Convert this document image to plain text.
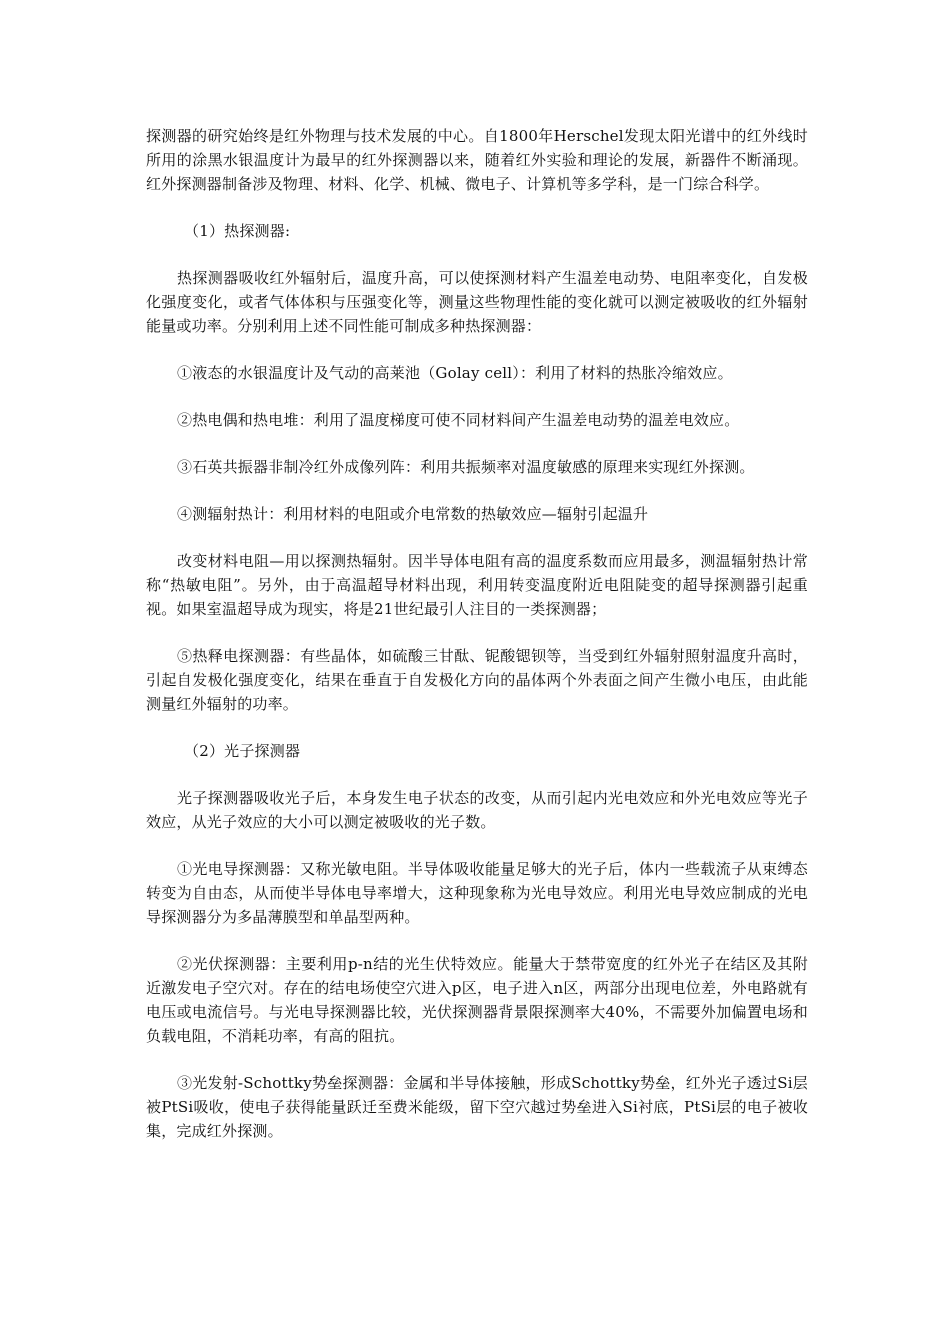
探测器的研究始终是红外物理与技术发展的中心。自1800年Herschel发现太阳光谱中的红外线时所用的涂黑水银温度计为最早的红外探测器以来，随着红外实验和理论的发展，新器件不断涌现。红外探测器制备涉及物理、材料、化学、机械、微电子、计算机等多学科，是一门综合科学。

（1）热探测器:

热探测器吸收红外辐射后，温度升高，可以使探测材料产生温差电动势、电阻率变化，自发极化强度变化，或者气体体积与压强变化等，测量这些物理性能的变化就可以测定被吸收的红外辐射能量或功率。分别利用上述不同性能可制成多种热探测器：

①液态的水银温度计及气动的高莱池（Golay cell）：利用了材料的热胀冷缩效应。

②热电偶和热电堆：利用了温度梯度可使不同材料间产生温差电动势的温差电效应。

③石英共振器非制冷红外成像列阵：利用共振频率对温度敏感的原理来实现红外探测。

④测辐射热计：利用材料的电阻或介电常数的热敏效应—辐射引起温升

改变材料电阻—用以探测热辐射。因半导体电阻有高的温度系数而应用最多，测温辐射热计常称“热敏电阻”。另外，由于高温超导材料出现，利用转变温度附近电阻陡变的超导探测器引起重视。如果室温超导成为现实，将是21世纪最引人注目的一类探测器；

⑤热释电探测器：有些晶体，如硫酸三甘酞、铌酸锶钡等，当受到红外辐射照射温度升高时，引起自发极化强度变化，结果在垂直于自发极化方向的晶体两个外表面之间产生微小电压，由此能测量红外辐射的功率。

（2）光子探测器

光子探测器吸收光子后，本身发生电子状态的改变，从而引起内光电效应和外光电效应等光子效应，从光子效应的大小可以测定被吸收的光子数。

①光电导探测器：又称光敏电阻。半导体吸收能量足够大的光子后，体内一些载流子从束缚态转变为自由态，从而使半导体电导率增大，这种现象称为光电导效应。利用光电导效应制成的光电导探测器分为多晶薄膜型和单晶型两种。

②光伏探测器：主要利用p-n结的光生伏特效应。能量大于禁带宽度的红外光子在结区及其附近激发电子空穴对。存在的结电场使空穴进入p区，电子进入n区，两部分出现电位差，外电路就有电压或电流信号。与光电导探测器比较，光伏探测器背景限探测率大40%，不需要外加偏置电场和负载电阻，不消耗功率，有高的阻抗。

③光发射-Schottky势垒探测器：金属和半导体接触，形成Schottky势垒，红外光子透过Si层被PtSi吸收，使电子获得能量跃迁至费米能级，留下空穴越过势垒进入Si衬底，PtSi层的电子被收集，完成红外探测。
